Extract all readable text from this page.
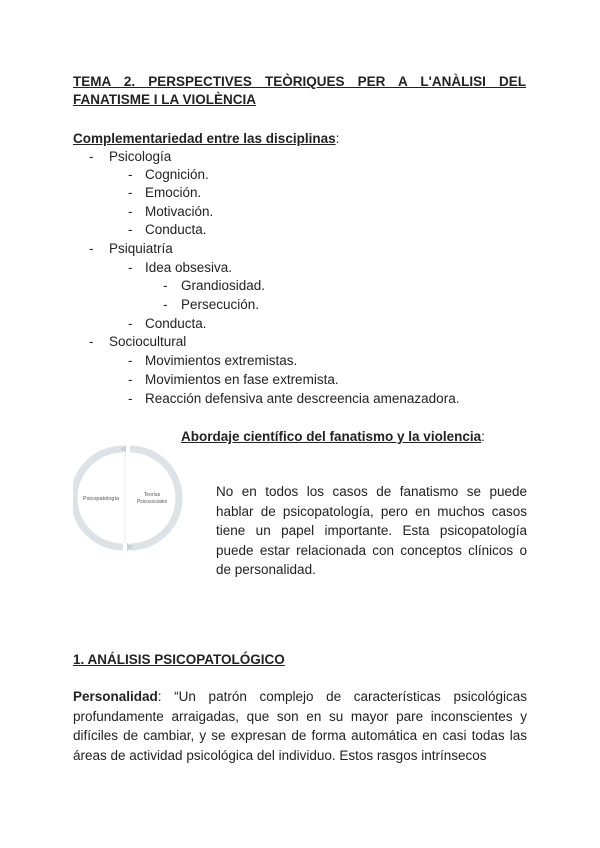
TEMA 2. PERSPECTIVES TEÒRIQUES PER A L'ANÀLISI DEL FANATISME I LA VIOLÈNCIA
Complementariedad entre las disciplinas:
- Psicología
- Cognición.
- Emoción.
- Motivación.
- Conducta.
- Psiquiatría
- Idea obsesiva.
- Grandiosidad.
- Persecución.
- Conducta.
- Sociocultural
- Movimientos extremistas.
- Movimientos en fase extremista.
- Reacción defensiva ante descreencia amenazadora.
Abordaje científico del fanatismo y la violencia:
Psicopatología
Teorías
Psicosociales
No en todos los casos de fanatismo se puede hablar de psicopatología, pero en muchos casos tiene un papel importante. Esta psicopatología puede estar relacionada con conceptos clínicos o de personalidad.
1. ANÁLISIS PSICOPATOLÓGICO
Personalidad: “Un patrón complejo de características psicológicas profundamente arraigadas, que son en su mayor pare inconscientes y difíciles de cambiar, y se expresan de forma automática en casi todas las áreas de actividad psicológica del individuo. Estos rasgos intrínsecos
